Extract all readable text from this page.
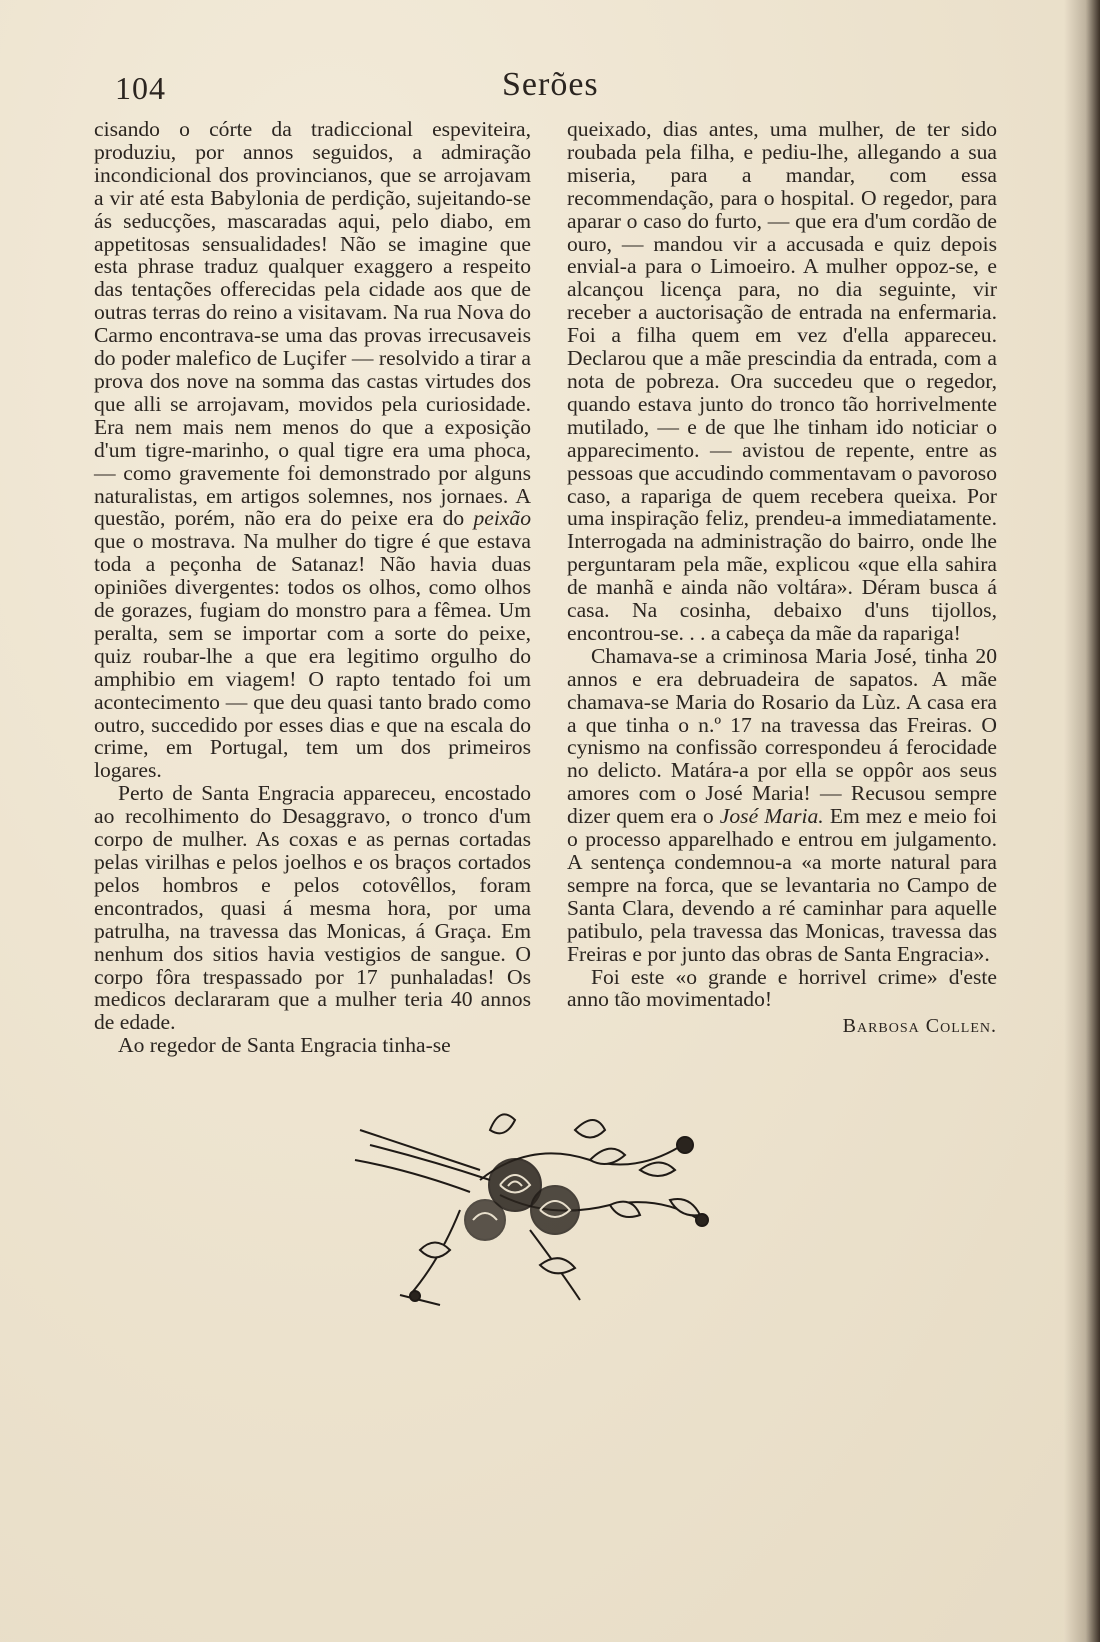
104	Serões

cisando o córte da tradiccional espeviteira, produziu, por annos seguidos, a admiração incondicional dos provincianos, que se arrojavam a vir até esta Babylonia de perdição, sujeitando-se ás seducções, mascaradas aqui, pelo diabo, em appetitosas sensualidades! Não se imagine que esta phrase traduz qualquer exaggero a respeito das tentações offerecidas pela cidade aos que de outras terras do reino a visitavam. Na rua Nova do Carmo encontrava-se uma das provas irrecusaveis do poder malefico de Luçifer — resolvido a tirar a prova dos nove na somma das castas virtudes dos que alli se arrojavam, movidos pela curiosidade. Era nem mais nem menos do que a exposição d'um tigre-marinho, o qual tigre era uma phoca, — como gravemente foi demonstrado por alguns naturalistas, em artigos solemnes, nos jornaes. A questão, porém, não era do peixe era do peixão que o mostrava. Na mulher do tigre é que estava toda a peçonha de Satanaz! Não havia duas opiniões divergentes: todos os olhos, como olhos de gorazes, fugiam do monstro para a fêmea. Um peralta, sem se importar com a sorte do peixe, quiz roubar-lhe a que era legitimo orgulho do amphibio em viagem! O rapto tentado foi um acontecimento — que deu quasi tanto brado como outro, succedido por esses dias e que na escala do crime, em Portugal, tem um dos primeiros logares.

Perto de Santa Engracia appareceu, encostado ao recolhimento do Desaggravo, o tronco d'um corpo de mulher. As coxas e as pernas cortadas pelas virilhas e pelos joelhos e os braços cortados pelos hombros e pelos cotovêllos, foram encontrados, quasi á mesma hora, por uma patrulha, na travessa das Monicas, á Graça. Em nenhum dos sitios havia vestigios de sangue. O corpo fôra trespassado por 17 punhaladas! Os medicos declararam que a mulher teria 40 annos de edade.

Ao regedor de Santa Engracia tinha-se

queixado, dias antes, uma mulher, de ter sido roubada pela filha, e pediu-lhe, allegando a sua miseria, para a mandar, com essa recommendação, para o hospital. O regedor, para aparar o caso do furto, — que era d'um cordão de ouro, — mandou vir a accusada e quiz depois envial-a para o Limoeiro. A mulher oppoz-se, e alcançou licença para, no dia seguinte, vir receber a auctorisação de entrada na enfermaria. Foi a filha quem em vez d'ella appareceu. Declarou que a mãe prescindia da entrada, com a nota de pobreza. Ora succedeu que o regedor, quando estava junto do tronco tão horrivelmente mutilado, — e de que lhe tinham ido noticiar o apparecimento. — avistou de repente, entre as pessoas que accudindo commentavam o pavoroso caso, a rapariga de quem recebera queixa. Por uma inspiração feliz, prendeu-a immediatamente. Interrogada na administração do bairro, onde lhe perguntaram pela mãe, explicou «que ella sahira de manhã e ainda não voltára». Déram busca á casa. Na cosinha, debaixo d'uns tijollos, encontrou-se. . . a cabeça da mãe da rapariga!

Chamava-se a criminosa Maria José, tinha 20 annos e era debruadeira de sapatos. A mãe chamava-se Maria do Rosario da Lùz. A casa era a que tinha o n.º 17 na travessa das Freiras. O cynismo na confissão correspondeu á ferocidade no delicto. Matára-a por ella se oppôr aos seus amores com o José Maria! — Recusou sempre dizer quem era o José Maria. Em mez e meio foi o processo apparelhado e entrou em julgamento. A sentença condemnou-a «a morte natural para sempre na forca, que se levantaria no Campo de Santa Clara, devendo a ré caminhar para aquelle patibulo, pela travessa das Monicas, travessa das Freiras e por junto das obras de Santa Engracia».

Foi este «o grande e horrivel crime» d'este anno tão movimentado!

Barbosa Collen.
